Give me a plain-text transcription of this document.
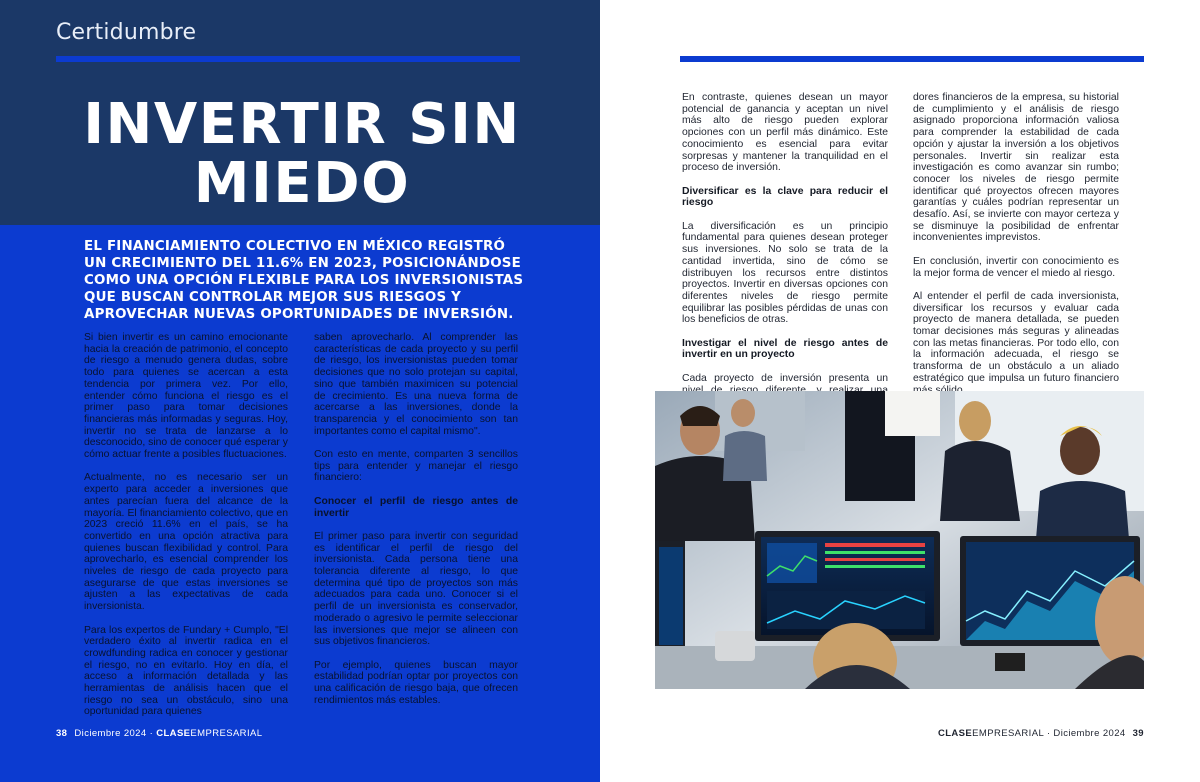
Certidumbre
INVERTIR SIN
MIEDO
EL FINANCIAMIENTO COLECTIVO EN MÉXICO REGISTRÓ UN CRECIMIENTO DEL 11.6% EN 2023, POSICIONÁNDOSE COMO UNA OPCIÓN FLEXIBLE PARA LOS INVERSIONISTAS QUE BUSCAN CONTROLAR MEJOR SUS RIESGOS Y APROVECHAR NUEVAS OPORTUNIDADES DE INVERSIÓN.

Si bien invertir es un camino emocionante hacia la creación de patrimonio, el concepto de riesgo a menudo genera dudas, sobre todo para quienes se acercan a esta tendencia por primera vez. Por ello, entender cómo funciona el riesgo es el primer paso para tomar decisiones financieras más informadas y seguras. Hoy, invertir no se trata de lanzarse a lo desconocido, sino de conocer qué esperar y cómo actuar frente a posibles fluctuaciones.

Actualmente, no es necesario ser un experto para acceder a inversiones que antes parecían fuera del alcance de la mayoría. El financiamiento colectivo, que en 2023 creció 11.6% en el país, se ha convertido en una opción atractiva para quienes buscan flexibilidad y control. Para aprovecharlo, es esencial comprender los niveles de riesgo de cada proyecto para asegurarse de que estas inversiones se ajusten a las expectativas de cada inversionista.

Para los expertos de Fundary + Cumplo, "El verdadero éxito al invertir radica en el crowdfunding radica en conocer y gestionar el riesgo, no en evitarlo. Hoy en día, el acceso a información detallada y las herramientas de análisis hacen que el riesgo no sea un obstáculo, sino una oportunidad para quienes

saben aprovecharlo. Al comprender las características de cada proyecto y su perfil de riesgo, los inversionistas pueden tomar decisiones que no solo protejan su capital, sino que también maximicen su potencial de crecimiento. Es una nueva forma de acercarse a las inversiones, donde la transparencia y el conocimiento son tan importantes como el capital mismo".

Con esto en mente, comparten 3 sencillos tips para entender y manejar el riesgo financiero:

Conocer el perfil de riesgo antes de invertir

El primer paso para invertir con seguridad es identificar el perfil de riesgo del inversionista. Cada persona tiene una tolerancia diferente al riesgo, lo que determina qué tipo de proyectos son más adecuados para cada uno. Conocer si el perfil de un inversionista es conservador, moderado o agresivo le permite seleccionar las inversiones que mejor se alineen con sus objetivos financieros.

Por ejemplo, quienes buscan mayor estabilidad podrían optar por proyectos con una calificación de riesgo baja, que ofrecen rendimientos más estables.

38 Diciembre 2024 · CLASEEMPRESARIAL

En contraste, quienes desean un mayor potencial de ganancia y aceptan un nivel más alto de riesgo pueden explorar opciones con un perfil más dinámico. Este conocimiento es esencial para evitar sorpresas y mantener la tranquilidad en el proceso de inversión.

Diversificar es la clave para reducir el riesgo

La diversificación es un principio fundamental para quienes desean proteger sus inversiones. No solo se trata de la cantidad invertida, sino de cómo se distribuyen los recursos entre distintos proyectos. Invertir en diversas opciones con diferentes niveles de riesgo permite equilibrar las posibles pérdidas de unas con los beneficios de otras.

Investigar el nivel de riesgo antes de invertir en un proyecto

Cada proyecto de inversión presenta un

dores financieros de la empresa, su historial de cumplimiento y el análisis de riesgo asignado proporciona información valiosa para comprender la estabilidad de cada opción y ajustar la inversión a los objetivos personales. Invertir sin realizar esta investigación es como avanzar sin rumbo; conocer los niveles de riesgo permite identificar qué proyectos ofrecen mayores garantías y cuáles podrían representar un desafío. Así, se invierte con mayor certeza y se disminuye la posibilidad de enfrentar inconvenientes imprevistos.

En conclusión, invertir con conocimiento es la mejor forma de vencer el miedo al riesgo.

Al entender el perfil de cada inversionista, diversificar los recursos y evaluar cada proyecto de manera detallada, se pueden tomar decisiones más seguras y alineadas con las metas financieras. Por todo ello, con la información adecuada, el riesgo se transforma de un obstáculo a un aliado estratégico que impulsa un futuro financiero

CLASEEMPRESARIAL · Diciembre 2024 39
